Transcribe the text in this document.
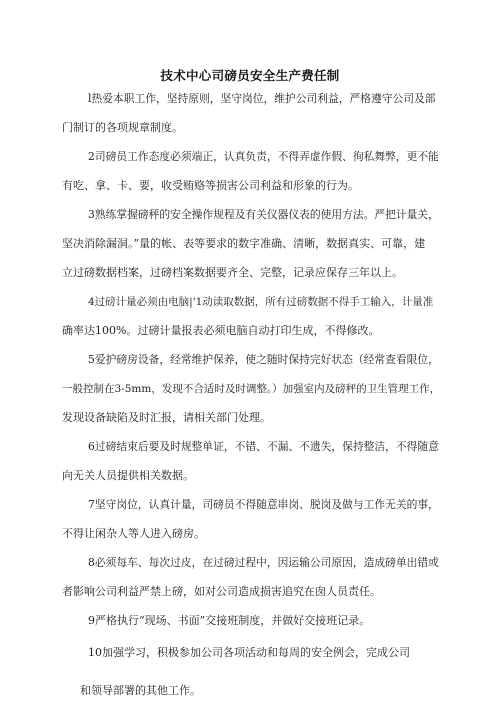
技术中心司磅员安全生产费任制
l热爱本职工作，坚持原则，坚守岗位，维护公司利益，严格遵守公司及部
门制订的各项规章制度。
2司磅员工作态度必须端正，认真负责，不得弄虚作假、徇私舞弊，更不能
有吃、拿、卡、要，收受贿赂等损害公司利益和形象的行为。
3熟练掌握磅秤的安全操作规程及有关仪器仪表的使用方法。严把计量关，
坚决消除漏洞。”量的帐、表等要求的数字准确、清晰，数据真实、可靠，建
立过磅数据档案，过磅档案数据要齐全、完整，记录应保存三年以上。
4过磅计量必须由电脑|'1动读取数据，所有过磅数据不得手工输入，计量准
确率达100%。过磅计量报表必须电脑自动打印生成，不得修改。
5爱护磅房设备，经常维护保养，使之随时保持完好状态（经常查看限位，
一般控制在3-5mm，发现不合适时及时调整。）加强室内及磅秤的卫生管理工作，
发现设备缺陷及时汇报，请相关部门处理。
6过磅结束后要及时规整单证，不错、不漏、不遗失，保持整洁，不得随意
向无关人员提供相关数据。
7坚守岗位，认真计量，司磅员不得随意串岗、脱岗及做与工作无关的事，
不得让闲杂人等人进入磅房。
8必须每车、每次过皮，在过磅过程中，因运输公司原因，造成磅单出错或
者影响公司利益严禁上磅，如对公司造成损害追究在囱人员责任。
9严格执行“现场、书面”交接班制度，并做好交接班记录。
10加强学习，积极参加公司各项活动和每周的安全例会，完成公司
和领导部署的其他工作。
